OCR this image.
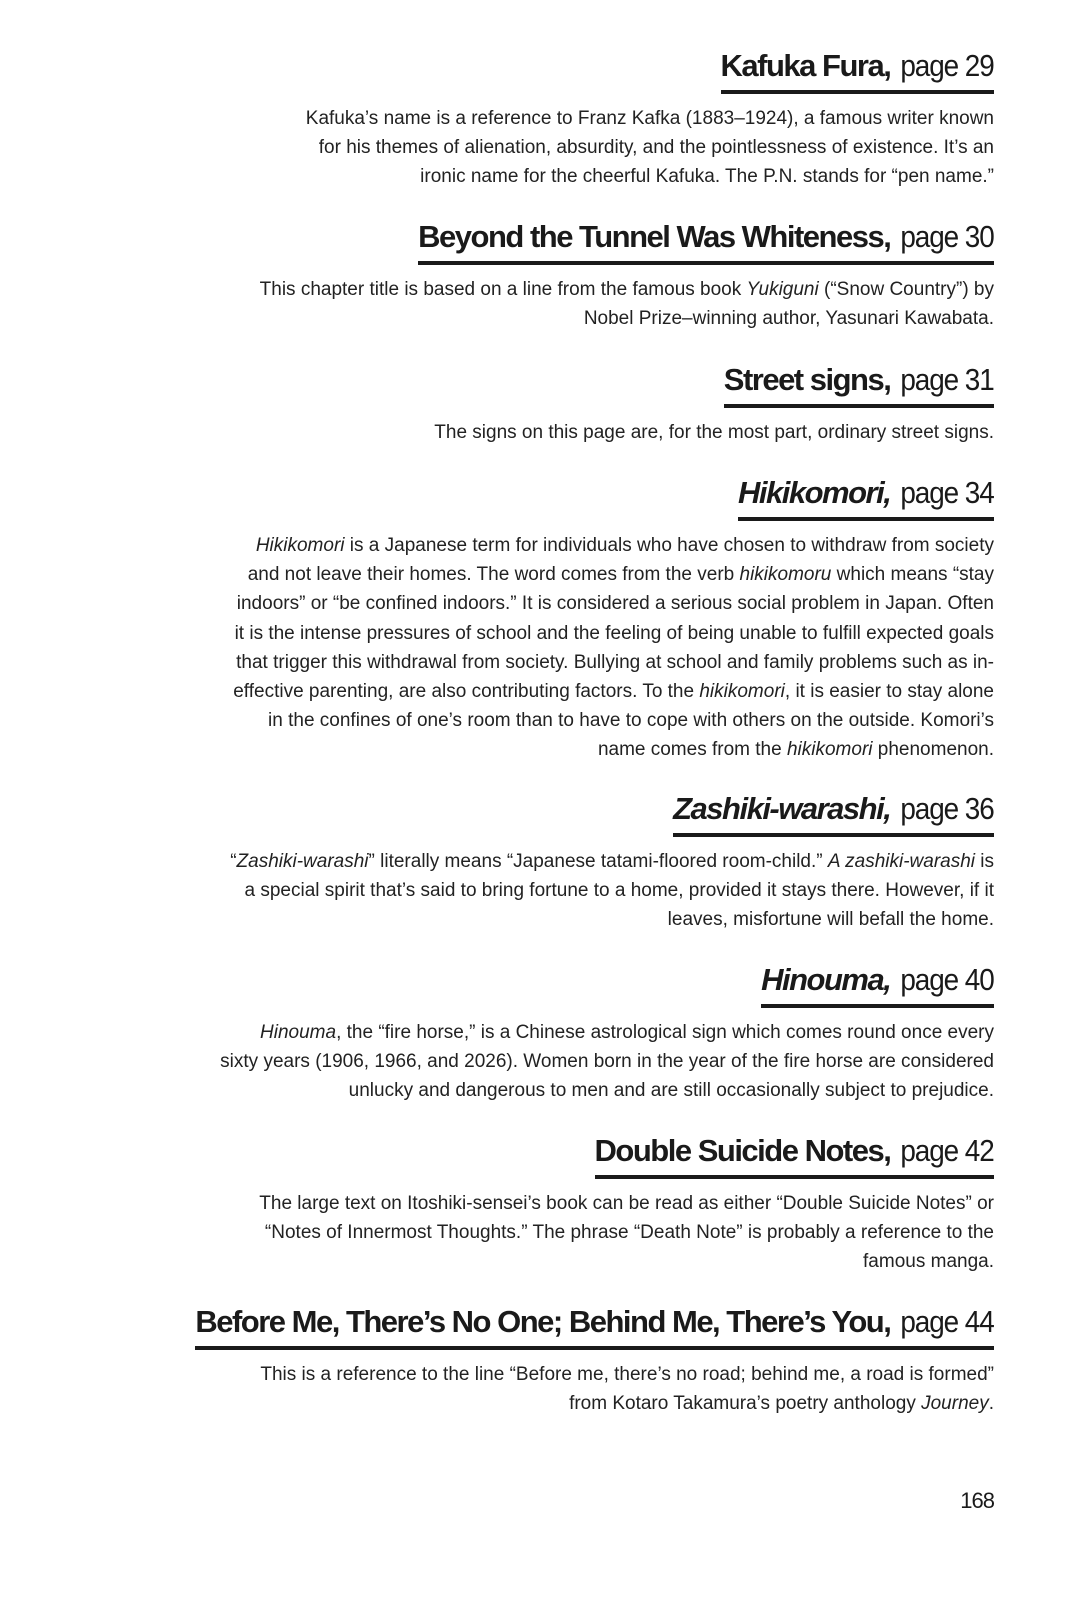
Kafuka Fura,page 29

Kafuka’s name is a reference to Franz Kafka (1883–1924), a famous writer known
for his themes of alienation, absurdity, and the pointlessness of existence. It’s an
ironic name for the cheerful Kafuka. The P.N. stands for “pen name.”

Beyond the Tunnel Was Whiteness,page 30

This chapter title is based on a line from the famous book Yukiguni (“Snow Country”) by
Nobel Prize–winning author, Yasunari Kawabata.

Street signs,page 31

The signs on this page are, for the most part, ordinary street signs.

Hikikomori,page 34

Hikikomori is a Japanese term for individuals who have chosen to withdraw from society
and not leave their homes. The word comes from the verb hikikomoru which means “stay
indoors” or “be confined indoors.” It is considered a serious social problem in Japan. Often
it is the intense pressures of school and the feeling of being unable to fulfill expected goals
that trigger this withdrawal from society. Bullying at school and family problems such as in-
effective parenting, are also contributing factors. To the hikikomori, it is easier to stay alone
in the confines of one’s room than to have to cope with others on the outside. Komori’s
name comes from the hikikomori phenomenon.

Zashiki-warashi,page 36

“Zashiki-warashi” literally means “Japanese tatami-floored room-child.” A zashiki-warashi is
a special spirit that’s said to bring fortune to a home, provided it stays there. However, if it
leaves, misfortune will befall the home.

Hinouma,page 40

Hinouma, the “fire horse,” is a Chinese astrological sign which comes round once every
sixty years (1906, 1966, and 2026). Women born in the year of the fire horse are considered
unlucky and dangerous to men and are still occasionally subject to prejudice.

Double Suicide Notes,page 42

The large text on Itoshiki-sensei’s book can be read as either “Double Suicide Notes” or
“Notes of Innermost Thoughts.” The phrase “Death Note” is probably a reference to the
famous manga.

Before Me, There’s No One; Behind Me, There’s You,page 44

This is a reference to the line “Before me, there’s no road; behind me, a road is formed”
from Kotaro Takamura’s poetry anthology Journey.

168
